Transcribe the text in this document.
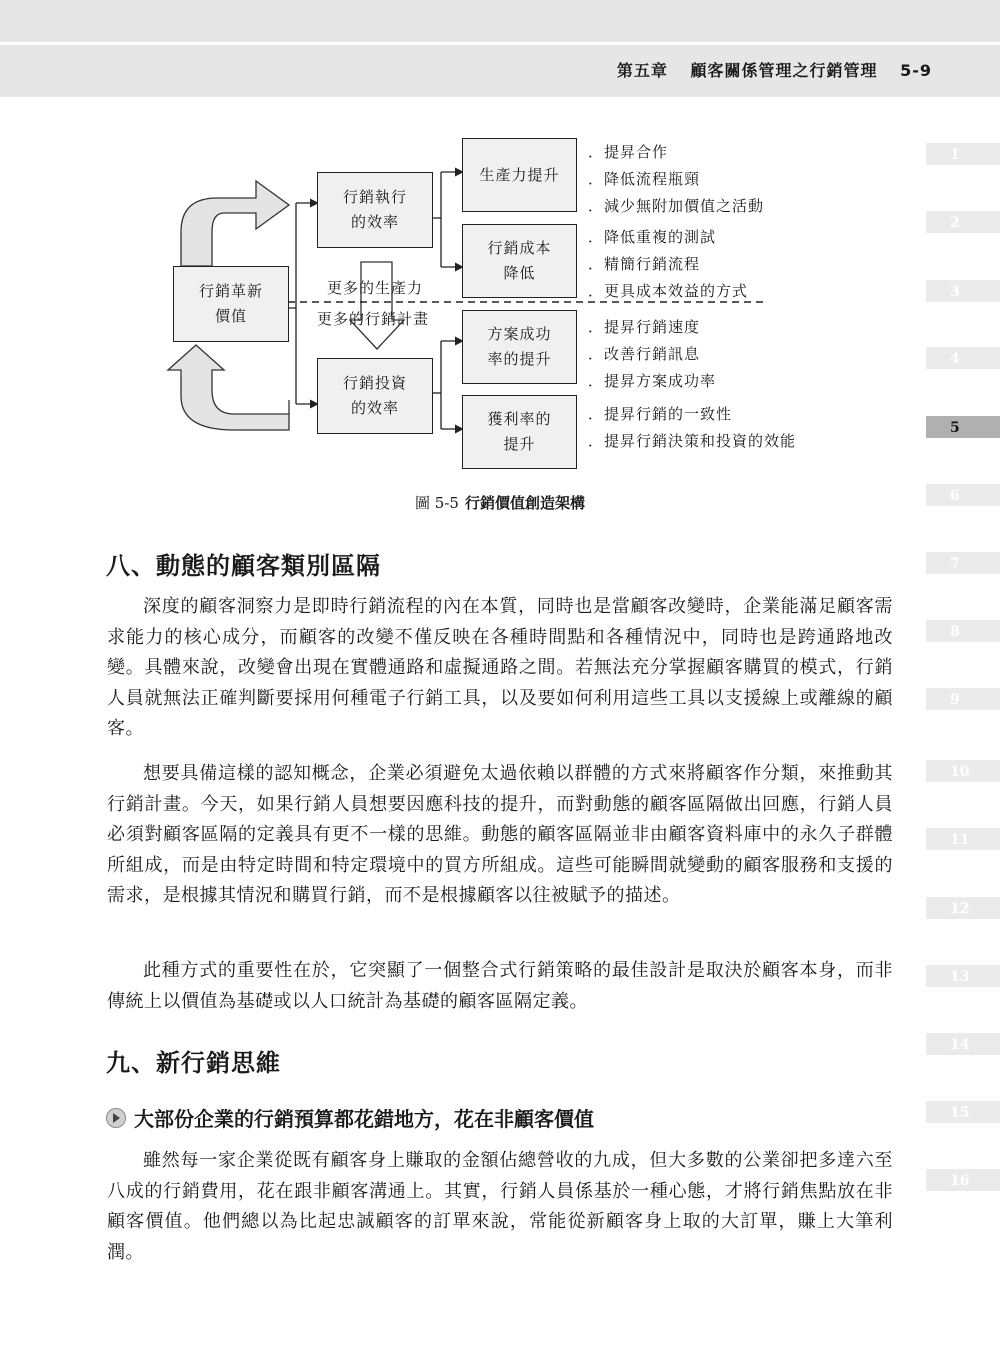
第五章 顧客關係管理之行銷管理 5-9
1
2
3
4
5
6
7
8
9
10
11
12
13
14
15
16
行銷革新價值
行銷執行的效率
行銷投資的效率
生產力提升
行銷成本降低
方案成功率的提升
獲利率的提升
更多的生產力
更多的行銷計畫
．提昇合作
．降低流程瓶頸
．減少無附加價值之活動
．降低重複的測試
．精簡行銷流程
．更具成本效益的方式
．提昇行銷速度
．改善行銷訊息
．提昇方案成功率
．提昇行銷的一致性
．提昇行銷決策和投資的效能
圖 5-5 行銷價值創造架構
八、動態的顧客類別區隔

深度的顧客洞察力是即時行銷流程的內在本質，同時也是當顧客改變時，企業能滿足顧客需求能力的核心成分，而顧客的改變不僅反映在各種時間點和各種情況中，同時也是跨通路地改變。具體來說，改變會出現在實體通路和虛擬通路之間。若無法充分掌握顧客購買的模式，行銷人員就無法正確判斷要採用何種電子行銷工具，以及要如何利用這些工具以支援線上或離線的顧客。

想要具備這樣的認知概念，企業必須避免太過依賴以群體的方式來將顧客作分類，來推動其行銷計畫。今天，如果行銷人員想要因應科技的提升，而對動態的顧客區隔做出回應，行銷人員必須對顧客區隔的定義具有更不一樣的思維。動態的顧客區隔並非由顧客資料庫中的永久子群體所組成，而是由特定時間和特定環境中的買方所組成。這些可能瞬間就變動的顧客服務和支援的需求，是根據其情況和購買行銷，而不是根據顧客以往被賦予的描述。

此種方式的重要性在於，它突顯了一個整合式行銷策略的最佳設計是取決於顧客本身，而非傳統上以價值為基礎或以人口統計為基礎的顧客區隔定義。

九、新行銷思維
大部份企業的行銷預算都花錯地方，花在非顧客價值

雖然每一家企業從既有顧客身上賺取的金額佔總營收的九成，但大多數的公業卻把多達六至八成的行銷費用，花在跟非顧客溝通上。其實，行銷人員係基於一種心態，才將行銷焦點放在非顧客價值。他們總以為比起忠誠顧客的訂單來說，常能從新顧客身上取的大訂單，賺上大筆利潤。
